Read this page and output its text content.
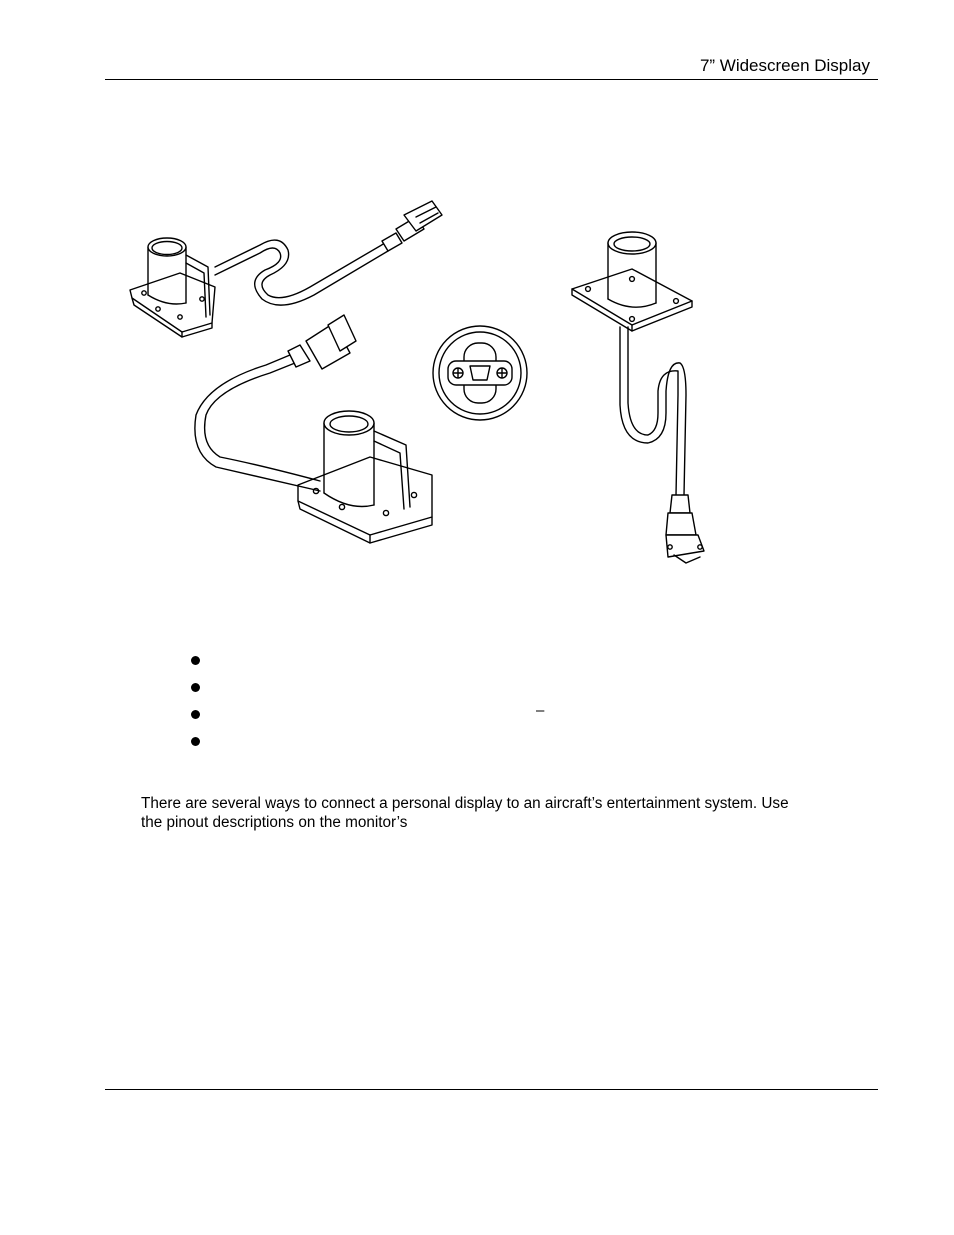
7” Widescreen Display
–

There are several ways to connect a personal display to an aircraft’s entertainment system. Use

the pinout descriptions on the monitor’s
